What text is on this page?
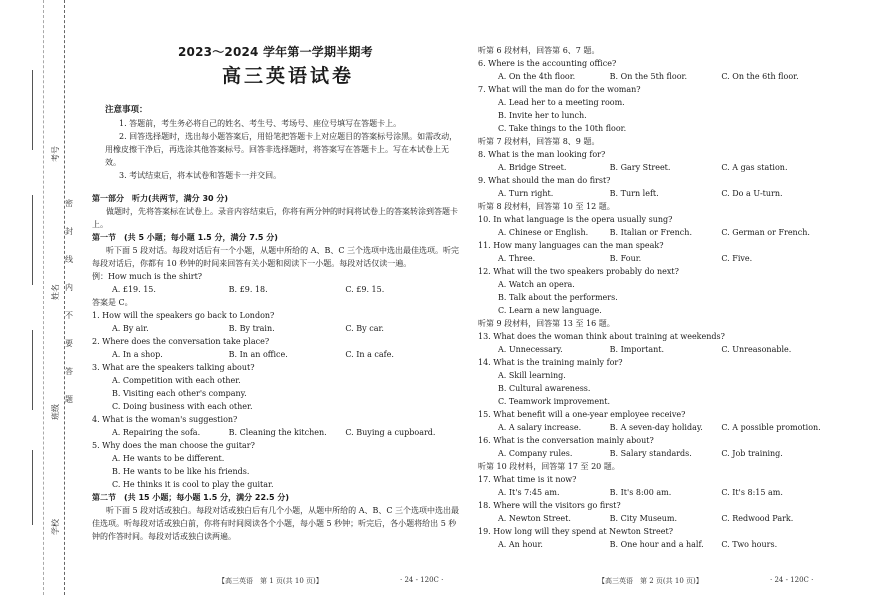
考号
姓名
班级
学校
密
封
线
内
不
要
答
题
2023～2024 学年第一学期半期考
高三英语试卷
注意事项：

1. 答题前，考生务必将自己的姓名、考生号、考场号、座位号填写在答题卡上。

2. 回答选择题时，选出每小题答案后，用铅笔把答题卡上对应题目的答案标号涂黑。如需改动，用橡皮擦干净后，再选涂其他答案标号。回答非选择题时，将答案写在答题卡上。写在本试卷上无效。

3. 考试结束后，将本试卷和答题卡一并交回。

第一部分　听力(共两节，满分 30 分)

做题时，先将答案标在试卷上。录音内容结束后，你将有两分钟的时间将试卷上的答案转涂到答题卡上。

第一节　(共 5 小题；每小题 1.5 分，满分 7.5 分)

听下面 5 段对话。每段对话后有一个小题，从题中所给的 A、B、C 三个选项中选出最佳选项。听完每段对话后，你都有 10 秒钟的时间来回答有关小题和阅读下一小题。每段对话仅读一遍。

例：How much is the shirt?

A. £19. 15.	B. £9. 18.	C. £9. 15.

答案是 C。

1. How will the speakers go back to London?

A. By air.	B. By train.	C. By car.

2. Where does the conversation take place?

A. In a shop.	B. In an office.	C. In a cafe.

3. What are the speakers talking about?

A. Competition with each other.

B. Visiting each other's company.

C. Doing business with each other.

4. What is the woman's suggestion?

A. Repairing the sofa.	B. Cleaning the kitchen.	C. Buying a cupboard.

5. Why does the man choose the guitar?

A. He wants to be different.

B. He wants to be like his friends.

C. He thinks it is cool to play the guitar.

第二节　(共 15 小题；每小题 1.5 分，满分 22.5 分)

听下面 5 段对话或独白。每段对话或独白后有几个小题，从题中所给的 A、B、C 三个选项中选出最佳选项。听每段对话或独白前，你将有时间阅读各个小题，每小题 5 秒钟；听完后，各小题将给出 5 秒钟的作答时间。每段对话或独白读两遍。

听第 6 段材料，回答第 6、7 题。

6. Where is the accounting office?

A. On the 4th floor.	B. On the 5th floor.	C. On the 6th floor.

7. What will the man do for the woman?

A. Lead her to a meeting room.

B. Invite her to lunch.

C. Take things to the 10th floor.

听第 7 段材料，回答第 8、9 题。

8. What is the man looking for?

A. Bridge Street.	B. Gary Street.	C. A gas station.

9. What should the man do first?

A. Turn right.	B. Turn left.	C. Do a U-turn.

听第 8 段材料，回答第 10 至 12 题。

10. In what language is the opera usually sung?

A. Chinese or English.	B. Italian or French.	C. German or French.

11. How many languages can the man speak?

A. Three.	B. Four.	C. Five.

12. What will the two speakers probably do next?

A. Watch an opera.

B. Talk about the performers.

C. Learn a new language.

听第 9 段材料，回答第 13 至 16 题。

13. What does the woman think about training at weekends?

A. Unnecessary.	B. Important.	C. Unreasonable.

14. What is the training mainly for?

A. Skill learning.

B. Cultural awareness.

C. Teamwork improvement.

15. What benefit will a one-year employee receive?

A. A salary increase.	B. A seven-day holiday.	C. A possible promotion.

16. What is the conversation mainly about?

A. Company rules.	B. Salary standards.	C. Job training.

听第 10 段材料，回答第 17 至 20 题。

17. What time is it now?

A. It's 7:45 am.	B. It's 8:00 am.	C. It's 8:15 am.

18. Where will the visitors go first?

A. Newton Street.	B. City Museum.	C. Redwood Park.

19. How long will they spend at Newton Street?

A. An hour.	B. One hour and a half.	C. Two hours.
【高三英语　第 1 页(共 10 页)】	· 24 - 120C ·	【高三英语　第 2 页(共 10 页)】	· 24 - 120C ·
